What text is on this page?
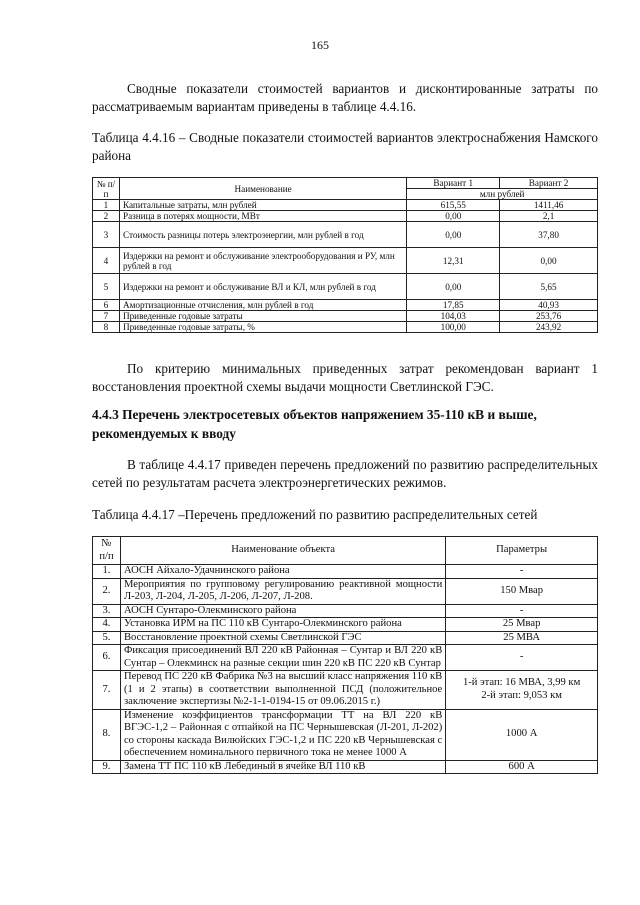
165

Сводные показатели стоимостей вариантов и дисконтированные затраты по рассматриваемым вариантам приведены в таблице 4.4.16.

Таблица 4.4.16 – Сводные показатели стоимостей вариантов электроснабжения Намского района

№ п/п	Наименование	Вариант 1	Вариант 2
		млн рублей	
1	Капитальные затраты, млн рублей	615,55	1411,46
2	Разница в потерях мощности, МВт	0,00	2,1
3	Стоимость разницы потерь электроэнергии, млн рублей в год	0,00	37,80
4	Издержки на ремонт и обслуживание электрооборудования и РУ, млн рублей в год	12,31	0,00
5	Издержки на ремонт и обслуживание ВЛ и КЛ, млн рублей в год	0,00	5,65
6	Амортизационные отчисления, млн рублей в год	17,85	40,93
7	Приведенные годовые затраты	104,03	253,76
8	Приведенные годовые затраты, %	100,00	243,92

По критерию минимальных приведенных затрат рекомендован вариант 1 восстановления проектной схемы выдачи мощности Светлинской ГЭС.

4.4.3 Перечень электросетевых объектов напряжением 35-110 кВ и выше, рекомендуемых к вводу

В таблице 4.4.17 приведен перечень предложений по развитию распределительных сетей по результатам расчета электроэнергетических режимов.

Таблица 4.4.17 –Перечень предложений по развитию распределительных сетей

№ п/п	Наименование объекта	Параметры
1.	АОСН Айхало-Удачнинского района	-
2.	Мероприятия по групповому регулированию реактивной мощности Л-203, Л-204, Л-205, Л-206, Л-207, Л-208.	150 Мвар
3.	АОСН Сунтаро-Олекминского района	-
4.	Установка ИРМ на ПС 110 кВ Сунтаро-Олекминского района	25 Мвар
5.	Восстановление проектной схемы Светлинской ГЭС	25 МВА
6.	Фиксация присоединений ВЛ 220 кВ Районная – Сунтар и ВЛ 220 кВ Сунтар – Олекминск на разные секции шин 220 кВ ПС 220 кВ Сунтар	-
7.	Перевод ПС 220 кВ Фабрика №3 на высший класс напряжения 110 кВ (1 и 2 этапы) в соответствии выполненной ПСД (положительное заключение экспертизы №2-1-1-0194-15 от 09.06.2015 г.)	1-й этап: 16 МВА, 3,99 км
2-й этап: 9,053 км

8.	Изменение коэффициентов трансформации ТТ на ВЛ 220 кВ ВГЭС-1,2 – Районная с отпайкой на ПС Чернышевская (Л-201, Л-202) со стороны каскада Вилюйских ГЭС-1,2 и ПС 220 кВ Чернышевская с обеспечением номинального первичного тока не менее 1000 А	1000 А
9.	Замена ТТ ПС 110 кВ Лебединый в ячейке ВЛ 110 кВ	600 А
